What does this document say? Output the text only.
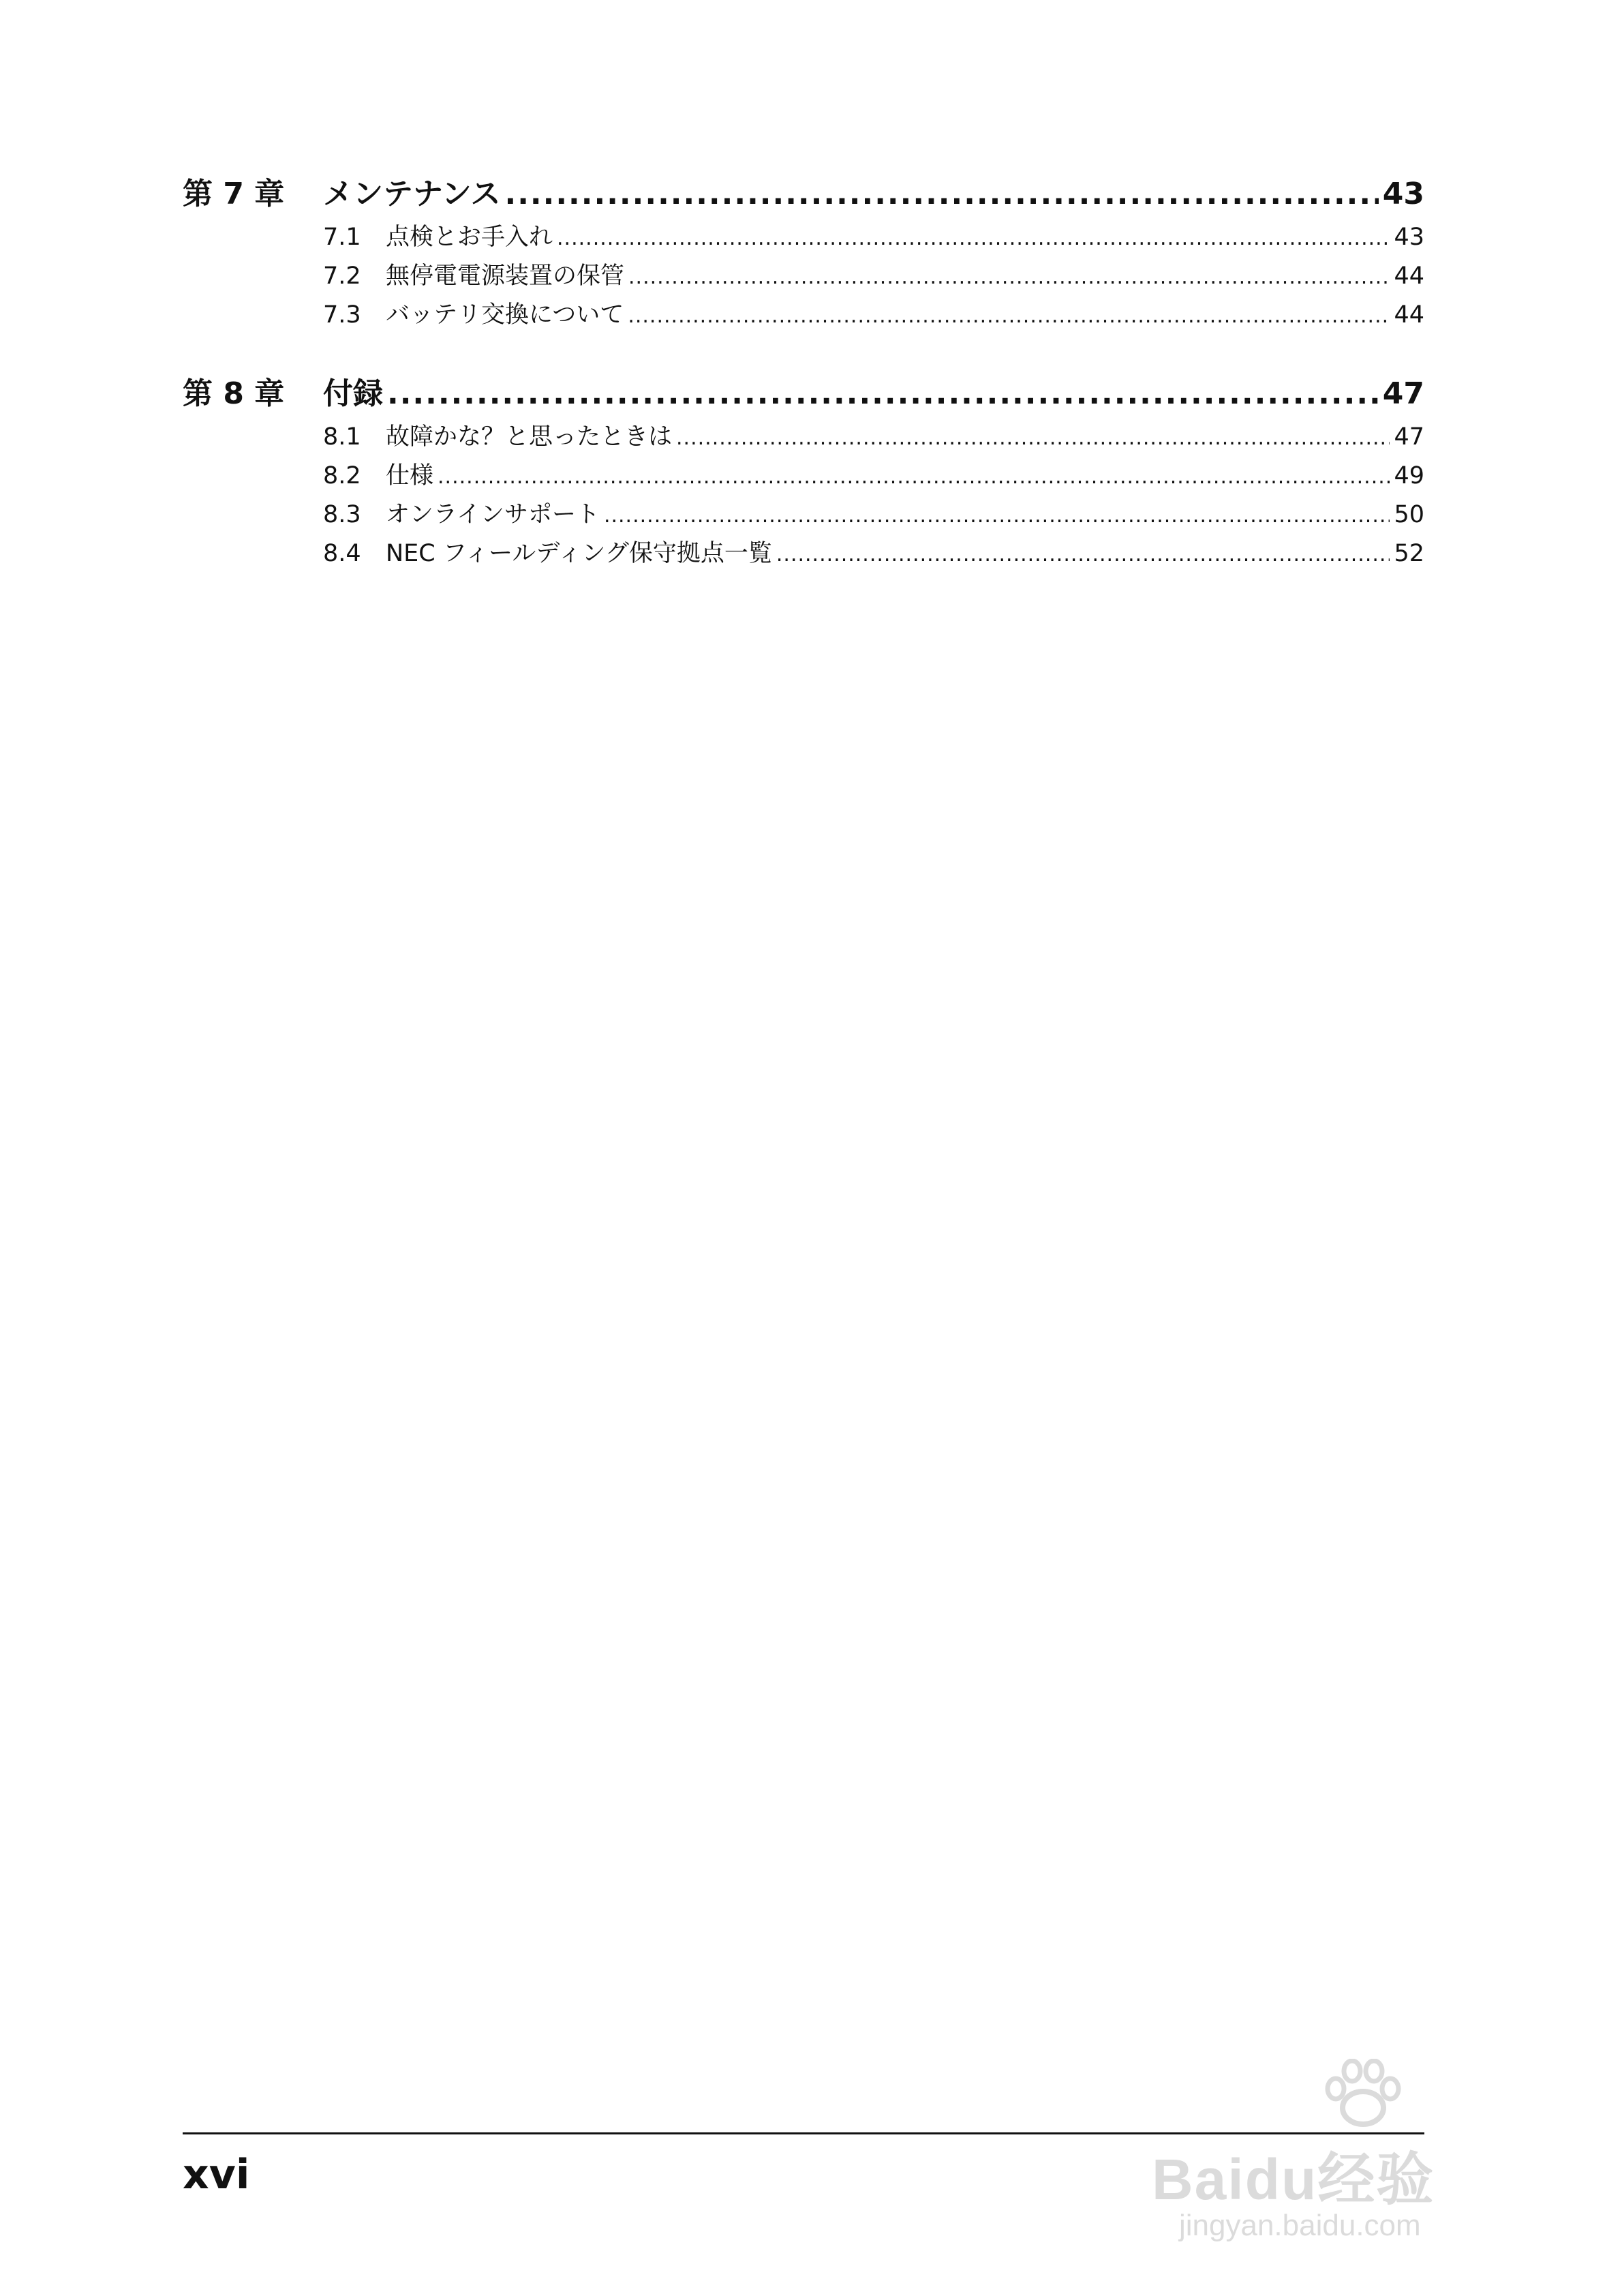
第 7 章	メンテナンス .....	43
7.1	点検とお手入れ .....	43
7.2	無停電電源装置の保管 .....	44
7.3	バッテリ交換について .....	44
第 8 章	付録 .....	47
8.1	故障かな？と思ったときは .....	47
8.2	仕様 .....	49
8.3	オンラインサポート .....	50
8.4	NEC フィールディング保守拠点一覧 .....	52
xvi	Baidu经验
jingyan.baidu.com
